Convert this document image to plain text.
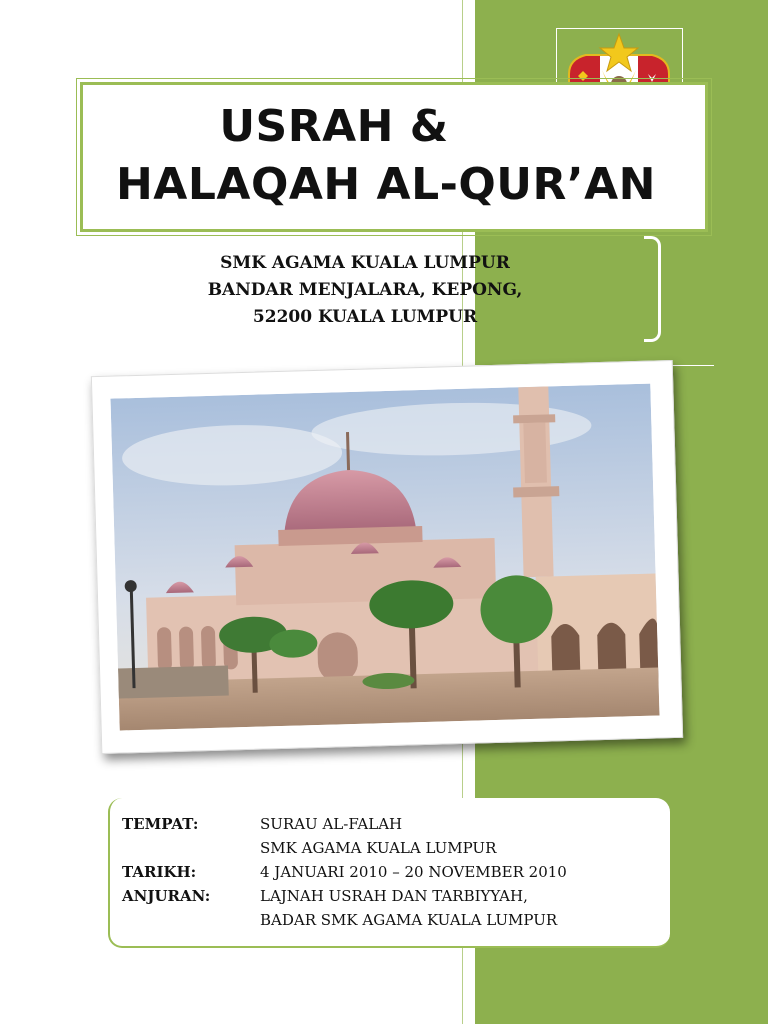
USRAH &
HALAQAH AL-QUR’AN
SMK AGAMA KUALA LUMPUR
BANDAR MENJALARA, KEPONG,
52200 KUALA LUMPUR
TEMPAT:	SURAU AL-FALAH
SMK AGAMA KUALA LUMPUR
TARIKH:	4 JANUARI 2010 – 20 NOVEMBER 2010
ANJURAN:	LAJNAH USRAH DAN TARBIYYAH,
BADAR SMK AGAMA KUALA LUMPUR
